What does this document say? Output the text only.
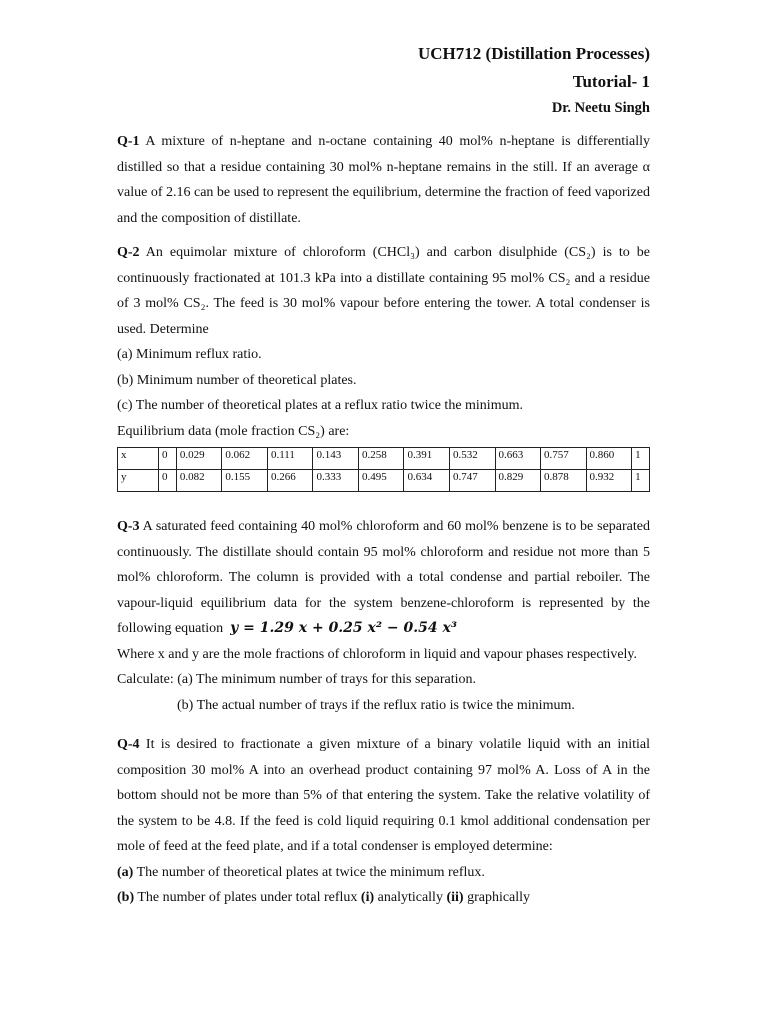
UCH712 (Distillation Processes)
Tutorial- 1
Dr. Neetu Singh

Q-1 A mixture of n-heptane and n-octane containing 40 mol% n-heptane is differentially distilled so that a residue containing 30 mol% n-heptane remains in the still. If an average α value of 2.16 can be used to represent the equilibrium, determine the fraction of feed vaporized and the composition of distillate.

Q-2 An equimolar mixture of chloroform (CHCl₃) and carbon disulphide (CS₂) is to be continuously fractionated at 101.3 kPa into a distillate containing 95 mol% CS₂ and a residue of 3 mol% CS₂. The feed is 30 mol% vapour before entering the tower. A total condenser is used. Determine

(a) Minimum reflux ratio.

(b) Minimum number of theoretical plates.

(c) The number of theoretical plates at a reflux ratio twice the minimum.

Equilibrium data (mole fraction CS₂) are:

x	0	0.029	0.062	0.111	0.143	0.258	0.391	0.532	0.663	0.757	0.860	1
y	0	0.082	0.155	0.266	0.333	0.495	0.634	0.747	0.829	0.878	0.932	1

Q-3 A saturated feed containing 40 mol% chloroform and 60 mol% benzene is to be separated continuously. The distillate should contain 95 mol% chloroform and residue not more than 5 mol% chloroform. The column is provided with a total condense and partial reboiler. The vapour-liquid equilibrium data for the system benzene-chloroform is represented by the following equation y = 1.29 x + 0.25 x² − 0.54 x³

Where x and y are the mole fractions of chloroform in liquid and vapour phases respectively.

Calculate: (a) The minimum number of trays for this separation.

(b) The actual number of trays if the reflux ratio is twice the minimum.

Q-4 It is desired to fractionate a given mixture of a binary volatile liquid with an initial composition 30 mol% A into an overhead product containing 97 mol% A. Loss of A in the bottom should not be more than 5% of that entering the system. Take the relative volatility of the system to be 4.8. If the feed is cold liquid requiring 0.1 kmol additional condensation per mole of feed at the feed plate, and if a total condenser is employed determine:

(a) The number of theoretical plates at twice the minimum reflux.

(b) The number of plates under total reflux (i) analytically (ii) graphically
